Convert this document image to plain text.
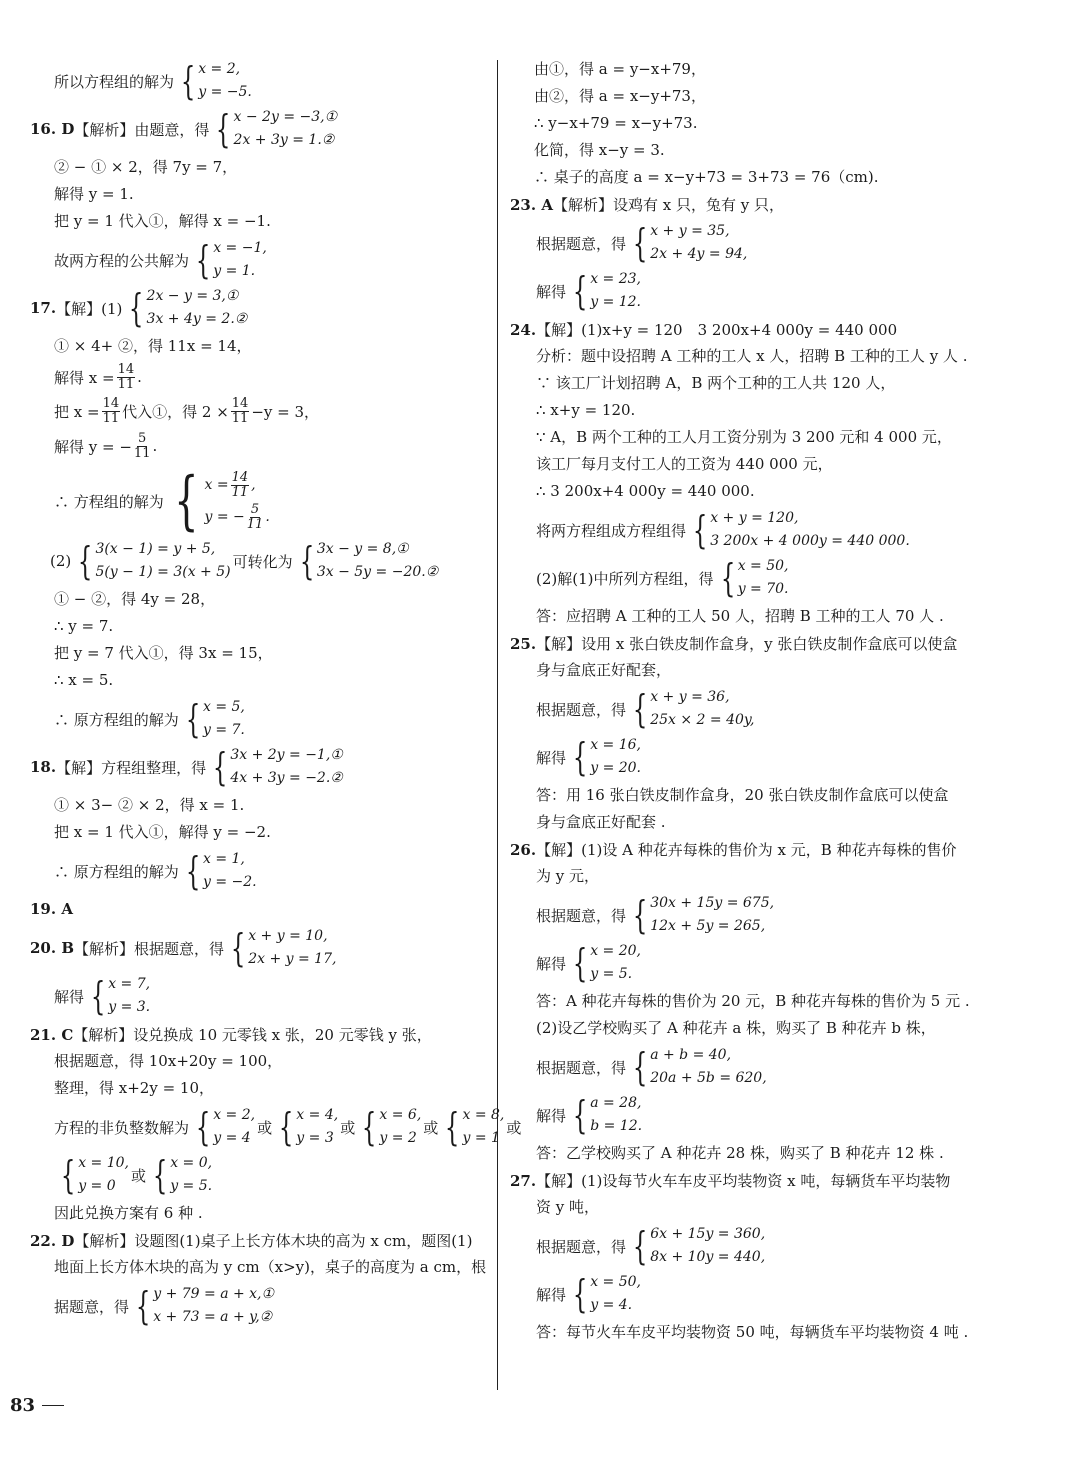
所以方程组的解为 { x = 2,
y = −5.
16. D 【解析】由题意，得 { x − 2y = −3,①
2x + 3y = 1.②
② − ① × 2，得 7y = 7，
解得 y = 1.
把 y = 1 代入①，解得 x = −1.
故两方程的公共解为 { x = −1,
y = 1.
17. 【解】(1) { 2x − y = 3,①
3x + 4y = 2.②
① × 4+ ②，得 11x = 14，
解得 $x = \frac{14}{11}$ .
把 $x = \frac{14}{11}$ 代入①，得 $2 \times \frac{14}{11} -y = 3$，
解得 y = − $\frac{5}{11}$ .
∴ 方程组的解为 { $x = \frac{14}{11}$ ,
y = − $\frac{5}{11}$ .
(2) { 3(x − 1) = y + 5,
5(y − 1) = 3(x + 5)
可转化为 { 3x − y = 8,①
3x − 5y = −20.②
① − ②，得 4y = 28，
∴ y = 7.
把 y = 7 代入①，得 3x = 15，
∴ x = 5.
∴ 原方程组的解为 { x = 5,
y = 7.
18. 【解】方程组整理，得 { 3x + 2y = −1,①
4x + 3y = −2.②
① × 3− ② × 2，得 x = 1.
把 x = 1 代入①，解得 y = −2.
∴ 原方程组的解为 { x = 1,
y = −2.
19. A
20. B 【解析】根据题意，得 { x + y = 10,
2x + y = 17,
解得 { x = 7,
y = 3.
21. C 【解析】设兑换成 10 元零钱 x 张，20 元零钱 y 张，
根据题意，得 10x+20y = 100，
整理，得 x+2y = 10，
方程的非负整数解为 { x = 2,
y = 4
或 { x = 4,
y = 3
或 { x = 6,
y = 2
或 { x = 8,
y = 1
或
{ x = 10,
y = 0
或 { x = 0,
y = 5.
因此兑换方案有 6 种 .
22. D 【解析】设题图(1)桌子上长方体木块的高为 x cm，题图(1)
地面上长方体木块的高为 y cm（x>y)，桌子的高度为 a cm，根
据题意，得 { y + 79 = a + x,①
x + 73 = a + y,②
由①，得 a = y−x+79，
由②，得 a = x−y+73，
∴ y−x+79 = x−y+73.
化简，得 x−y = 3.
∴ 桌子的高度 a = x−y+73 = 3+73 = 76（cm).
23. A 【解析】设鸡有 x 只，兔有 y 只，
根据题意，得 { x + y = 35,
2x + 4y = 94,
解得 { x = 23,
y = 12.
24. 【解】(1)x+y = 120　3 200x+4 000y = 440 000
分析：题中设招聘 A 工种的工人 x 人，招聘 B 工种的工人 y 人 .
∵ 该工厂计划招聘 A，B 两个工种的工人共 120 人，
∴ x+y = 120.
∵ A，B 两个工种的工人月工资分别为 3 200 元和 4 000 元，
该工厂每月支付工人的工资为 440 000 元，
∴ 3 200x+4 000y = 440 000.
将两方程组成方程组得 { x + y = 120,
3 200x + 4 000y = 440 000.
(2)解(1)中所列方程组，得 { x = 50,
y = 70.
答：应招聘 A 工种的工人 50 人，招聘 B 工种的工人 70 人 .
25. 【解】设用 x 张白铁皮制作盒身，y 张白铁皮制作盒底可以使盒
身与盒底正好配套，
根据题意，得 { x + y = 36,
25x × 2 = 40y,
解得 { x = 16,
y = 20.
答：用 16 张白铁皮制作盒身，20 张白铁皮制作盒底可以使盒
身与盒底正好配套 .
26. 【解】(1)设 A 种花卉每株的售价为 x 元，B 种花卉每株的售价
为 y 元，
根据题意，得 { 30x + 15y = 675,
12x + 5y = 265,
解得 { x = 20,
y = 5.
答：A 种花卉每株的售价为 20 元，B 种花卉每株的售价为 5 元 .
(2)设乙学校购买了 A 种花卉 a 株，购买了 B 种花卉 b 株，
根据题意，得 { a + b = 40,
20a + 5b = 620,
解得 { a = 28,
b = 12.
答：乙学校购买了 A 种花卉 28 株，购买了 B 种花卉 12 株 .
27. 【解】(1)设每节火车车皮平均装物资 x 吨，每辆货车平均装物
资 y 吨，
根据题意，得 { 6x + 15y = 360,
8x + 10y = 440,
解得 { x = 50,
y = 4.
答：每节火车车皮平均装物资 50 吨，每辆货车平均装物资 4 吨 .
83
